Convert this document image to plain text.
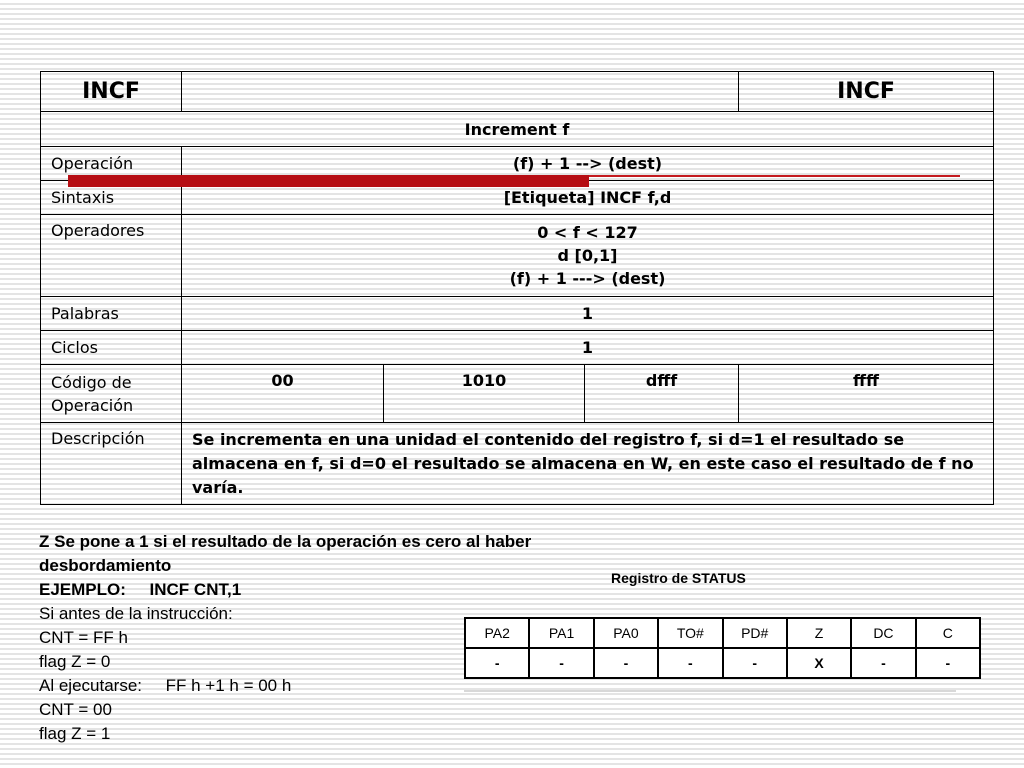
INCF				INCF
Increment f				
Operación	(f) + 1 --> (dest)			
Sintaxis	[Etiqueta] INCF f,d			
Operadores	0 < f < 127
d [0,1]
(f) + 1 ---> (dest)			

Palabras	1			
Ciclos	1			

Código de
Operación	00	1010	dfff	ffff
Descripción	Se incrementa en una unidad el contenido del registro f, si d=1 el resultado se almacena en f, si d=0 el resultado se almacena en W, en este caso el resultado de f no varía.			
Z Se pone a 1 si el resultado de la operación es cero al haber desbordamiento
EJEMPLO: INCF CNT,1
Si antes de la instrucción:
CNT = FF h
flag Z = 0
Al ejecutarse: FF h +1 h = 00 h
CNT = 00
flag Z = 1
Registro de STATUS
PA2	PA1	PA0	TO#	PD#	Z	DC	C
-	-	-	-	-	X	-	-
